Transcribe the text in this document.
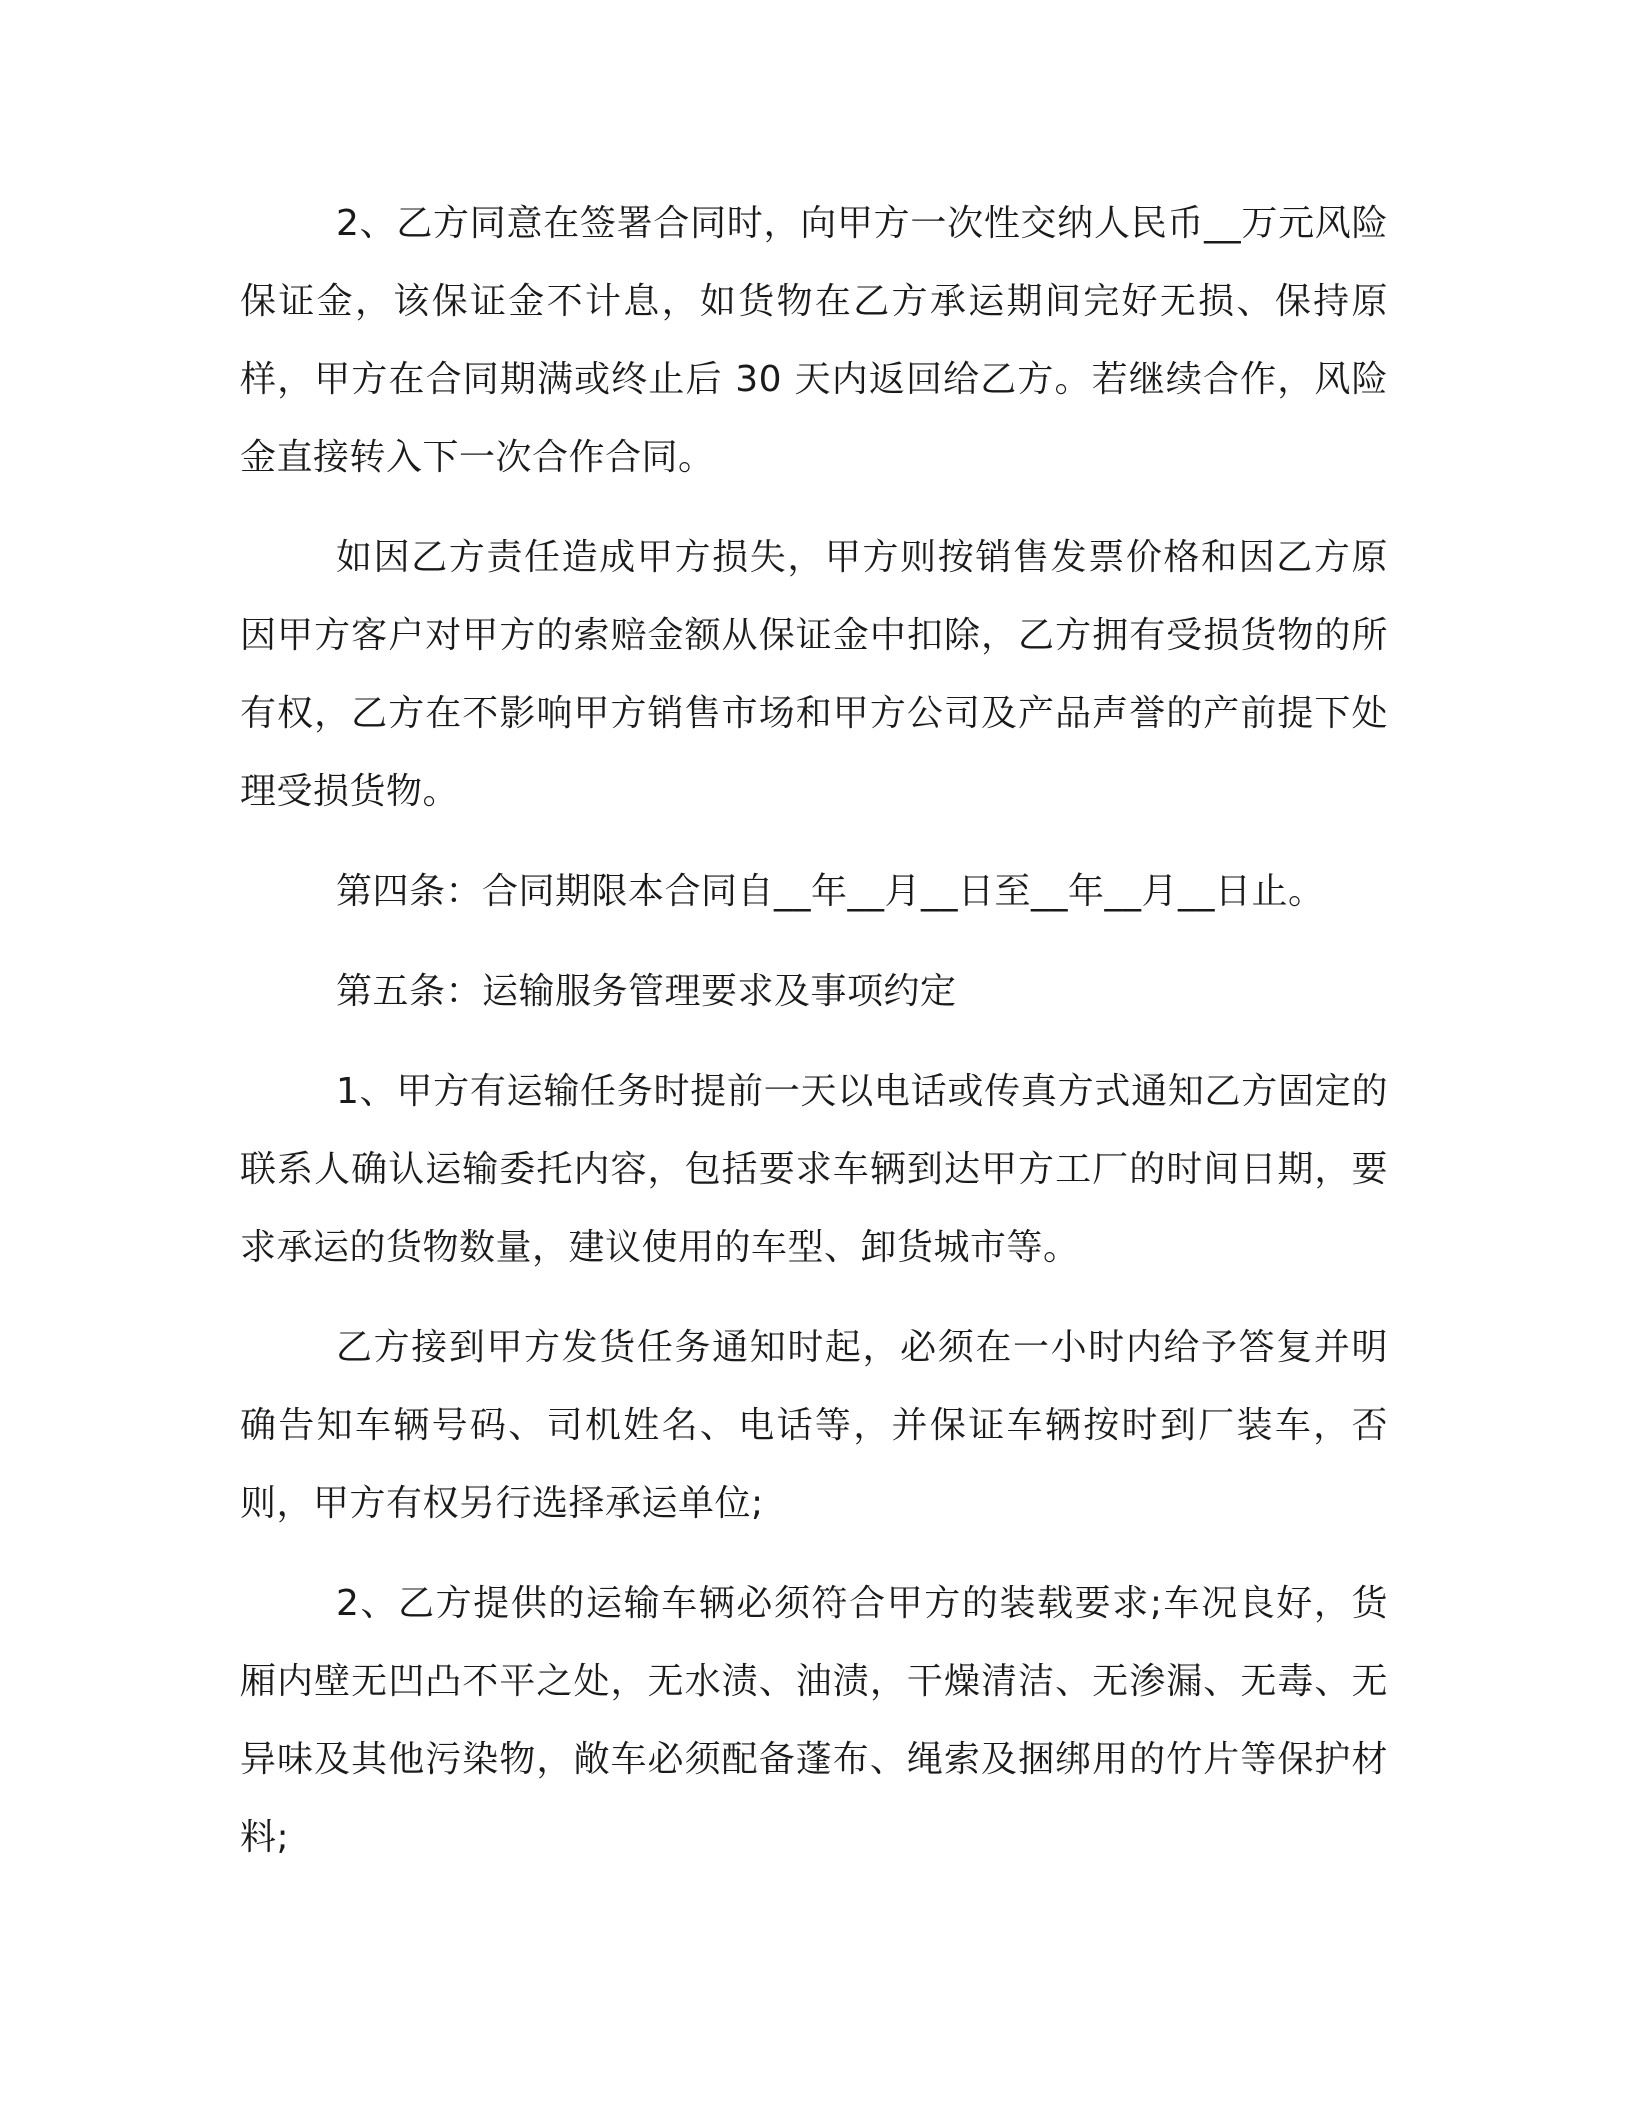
2、乙方同意在签署合同时，向甲方一次性交纳人民币__万元风险保证金，该保证金不计息，如货物在乙方承运期间完好无损、保持原样，甲方在合同期满或终止后 30 天内返回给乙方。若继续合作，风险金直接转入下一次合作合同。

如因乙方责任造成甲方损失，甲方则按销售发票价格和因乙方原因甲方客户对甲方的索赔金额从保证金中扣除，乙方拥有受损货物的所有权，乙方在不影响甲方销售市场和甲方公司及产品声誉的产前提下处理受损货物。

第四条：合同期限本合同自__年__月__日至__年__月__日止。

第五条：运输服务管理要求及事项约定

1、甲方有运输任务时提前一天以电话或传真方式通知乙方固定的联系人确认运输委托内容，包括要求车辆到达甲方工厂的时间日期，要求承运的货物数量，建议使用的车型、卸货城市等。

乙方接到甲方发货任务通知时起，必须在一小时内给予答复并明确告知车辆号码、司机姓名、电话等，并保证车辆按时到厂装车，否则，甲方有权另行选择承运单位;

2、乙方提供的运输车辆必须符合甲方的装载要求;车况良好，货厢内壁无凹凸不平之处，无水渍、油渍，干燥清洁、无渗漏、无毒、无异味及其他污染物，敞车必须配备蓬布、绳索及捆绑用的竹片等保护材料;
